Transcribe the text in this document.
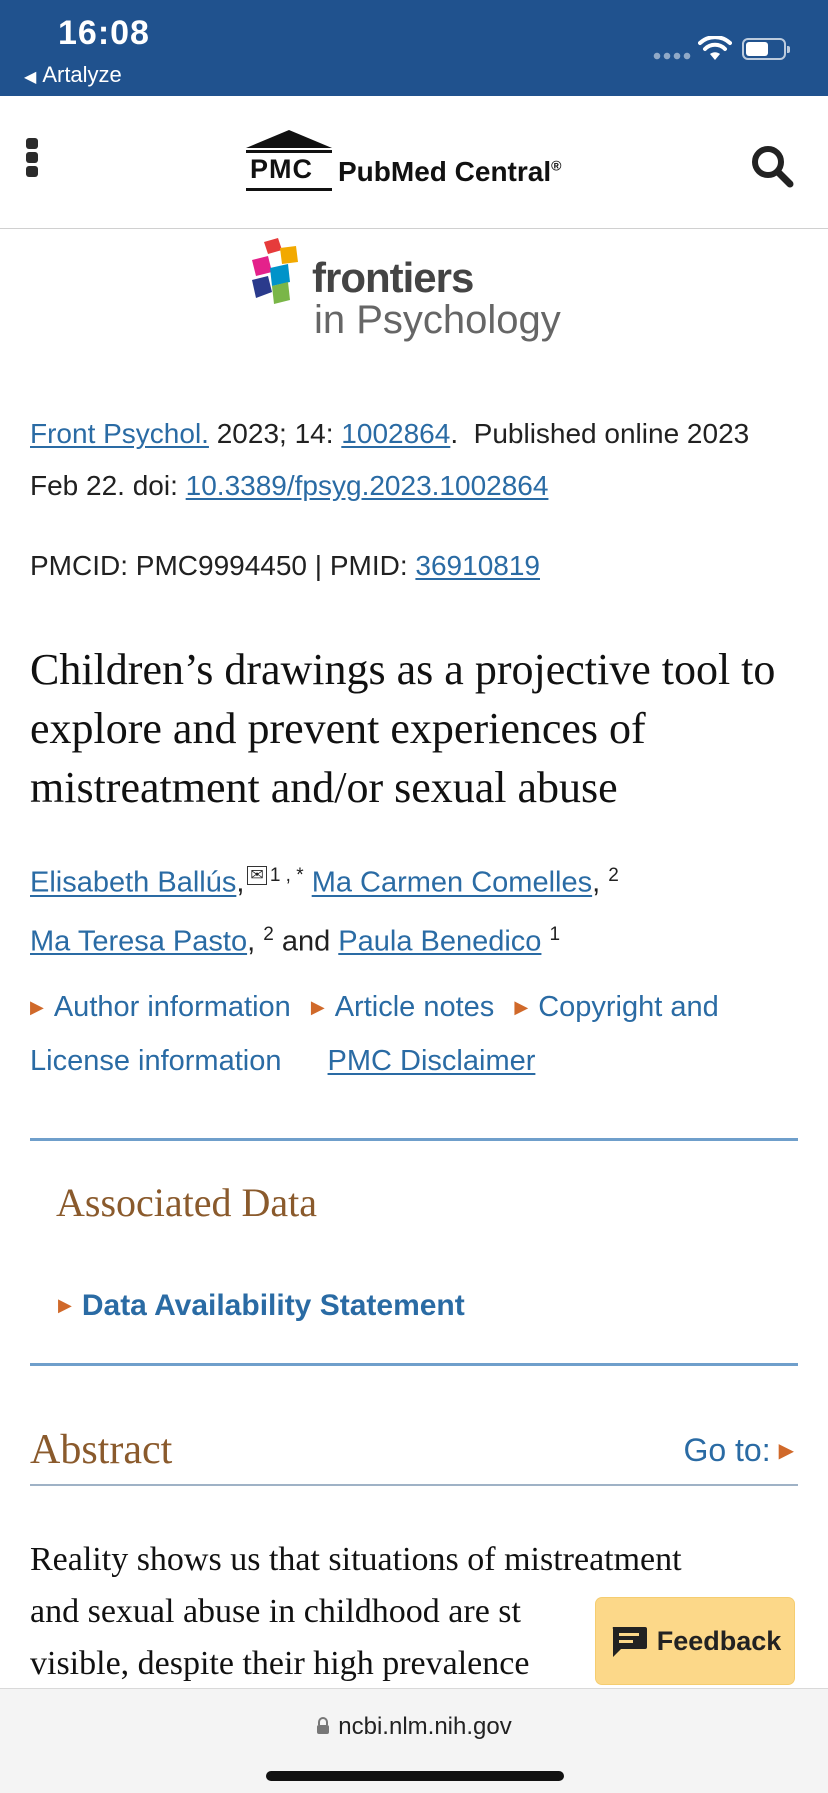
16:08
◀ Artalyze
PMC PubMed Central®
frontiers
in Psychology
Front Psychol. 2023; 14: 1002864.  Published online 2023 Feb 22. doi: 10.3389/fpsyg.2023.1002864
PMCID: PMC9994450 | PMID: 36910819
Children’s drawings as a projective tool to explore and prevent experiences of mistreatment and/or sexual abuse
Elisabeth Ballús, ✉ $^{1 , *}$ Ma Carmen Comelles, $^2$
Ma Teresa Pasto, $^2$ and Paula Benedico $^1$
▶ Author information ▶ Article notes ▶ Copyright and License information PMC Disclaimer
Associated Data
▶ Data Availability Statement
Abstract	Go to: ▶
Reality shows us that situations of mistreatment
and sexual abuse in childhood are st
visible, despite their high prevalence
Feedback
ncbi.nlm.nih.gov
